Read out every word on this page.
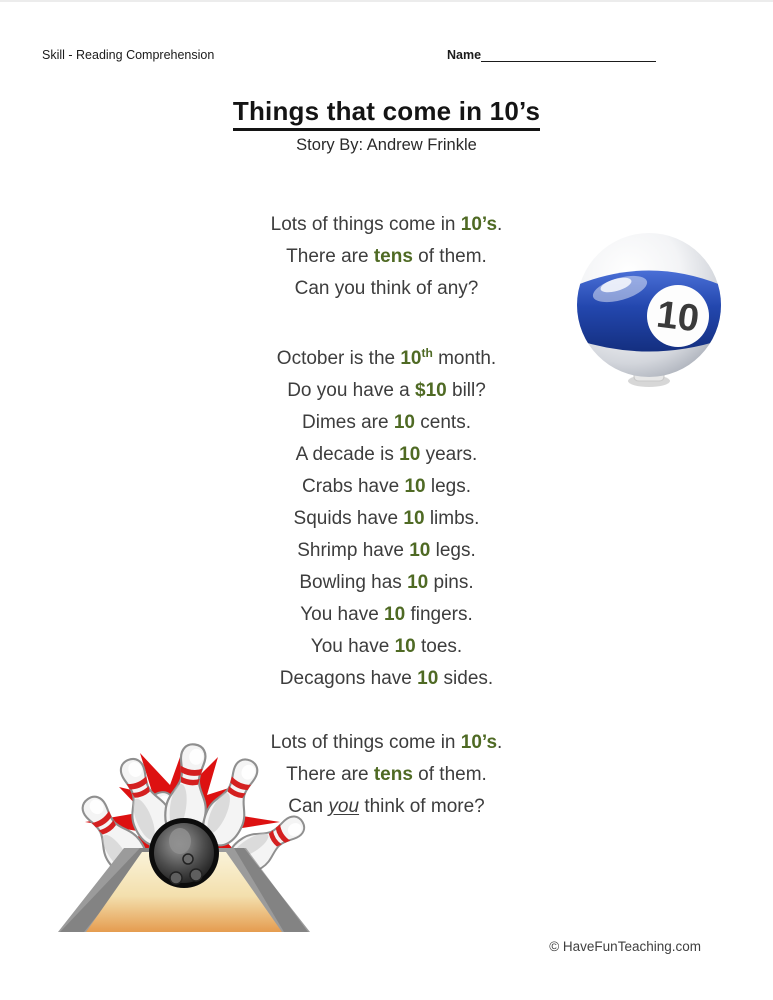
Skill - Reading Comprehension	Name
Things that come in 10’s
Story By: Andrew Frinkle
Lots of things come in 10’s.
There are tens of them.
Can you think of any?
October is the 10th month.
Do you have a $10 bill?
Dimes are 10 cents.
A decade is 10 years.
Crabs have 10 legs.
Squids have 10 limbs.
Shrimp have 10 legs.
Bowling has 10 pins.
You have 10 fingers.
You have 10 toes.
Decagons have 10 sides.
Lots of things come in 10’s.
There are tens of them.
Can you think of more?
10
© HaveFunTeaching.com
